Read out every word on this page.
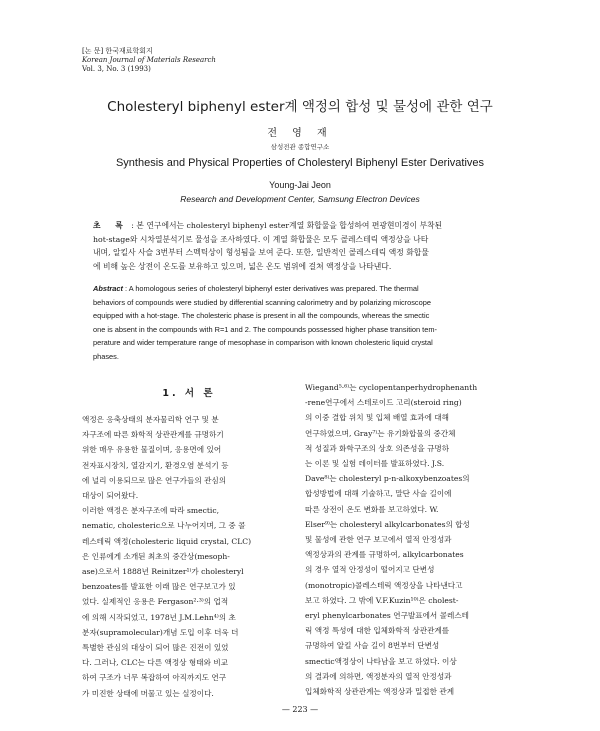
[논 문] 한국재료학회지
Korean Journal of Materials Research
Vol. 3, No. 3 (1993)
Cholesteryl biphenyl ester계 액정의 합성 및 물성에 관한 연구
전 영 재
삼성전관 종합연구소
Synthesis and Physical Properties of Cholesteryl Biphenyl Ester Derivatives
Young-Jai Jeon
Research and Development Center, Samsung Electron Devices
초 록 : 본 연구에서는 cholesteryl biphenyl ester계열 화합물을 합성하여 편광현미경이 부착된
hot-stage와 시차열분석기로 물성을 조사하였다. 이 계열 화합물은 모두 콜레스테릭 액정상을 나타
내며, 알킬사 사슬 3번부터 스멕틱상이 형성됨을 보여 준다. 또한, 일반적인 콜레스테릭 액정 화합물
에 비해 높은 상전이 온도를 보유하고 있으며, 넓은 온도 범위에 걸쳐 액정상을 나타낸다.
Abstract : A homologous series of cholesteryl biphenyl ester derivatives was prepared. The thermal
behaviors of compounds were studied by differential scanning calorimetry and by polarizing microscope
equipped with a hot-stage. The cholesteric phase is present in all the compounds, whereas the smectic
one is absent in the compounds with R=1 and 2. The compounds possessed higher phase transition tem-
perature and wider temperature range of mesophase in comparison with known cholesteric liquid crystal
phases.
1. 서 론
액정은 응축상태의 분자물리학 연구 및 분
자구조에 따른 화학적 상관관계를 규명하기
위한 매우 유용한 물질이며, 응용면에 있어
전자표시장치, 열감지기, 환경오염 분석기 등
에 널리 이용되므로 많은 연구가들의 관심의
대상이 되어왔다.
이러한 액정은 분자구조에 따라 smectic,
nematic, cholesteric으로 나누어지며, 그 중 콜
레스테릭 액정(cholesteric liquid crystal, CLC)
은 인류에게 소개된 최초의 중간상(mesoph-
ase)으로서 1888년 Reinitzer¹⁾가 cholesteryl
benzoates를 발표한 이래 많은 연구보고가 있
었다. 실제적인 응용은 Fergason²·³⁾의 업적
에 의해 시작되었고, 1978년 J.M.Lehn⁴⁾의 초
분자(supramolecular)개념 도입 이후 더욱 더
특별한 관심의 대상이 되어 많은 진전이 있었
다. 그러나, CLC는 다른 액정상 형태와 비교
하여 구조가 너무 복잡하여 아직까지도 연구
가 미진한 상태에 머물고 있는 실정이다.
Wiegand⁵·⁶⁾는 cyclopentanperhydrophenanth
-rene연구에서 스테로이드 고리(steroid ring)
의 이중 결합 위치 및 입체 배열 효과에 대해
연구하였으며, Gray⁷⁾는 유기화합물의 중간체
적 성질과 화학구조의 상호 의존성을 규명하
는 이론 및 실험 데이터를 발표하였다. J.S.
Dave⁸⁾는 cholesteryl p-n-alkoxybenzoates의
합성방법에 대해 기술하고, 말단 사슬 길이에
따른 상전이 온도 변화를 보고하였다. W.
Elser⁹⁾는 cholesteryl alkylcarbonates의 합성
및 물성에 관한 연구 보고에서 열적 안정성과
액정상과의 관계를 규명하여, alkylcarbonates
의 경우 열적 안정성이 떨어지고 단변성
(monotropic)콜레스테릭 액정상을 나타낸다고
보고 하였다. 그 밖에 V.F.Kuzin¹⁰⁾은 cholest-
eryl phenylcarbonates 연구발표에서 콜레스테
릭 액정 특성에 대한 입체화학적 상관관계를
규명하여 알킬 사슬 길이 8번부터 단변성
smectic액정상이 나타남을 보고 하였다. 이상
의 결과에 의하면, 액정분자의 열적 안정성과
입체화학적 상관관계는 액정상과 밀접한 관계
— 223 —
